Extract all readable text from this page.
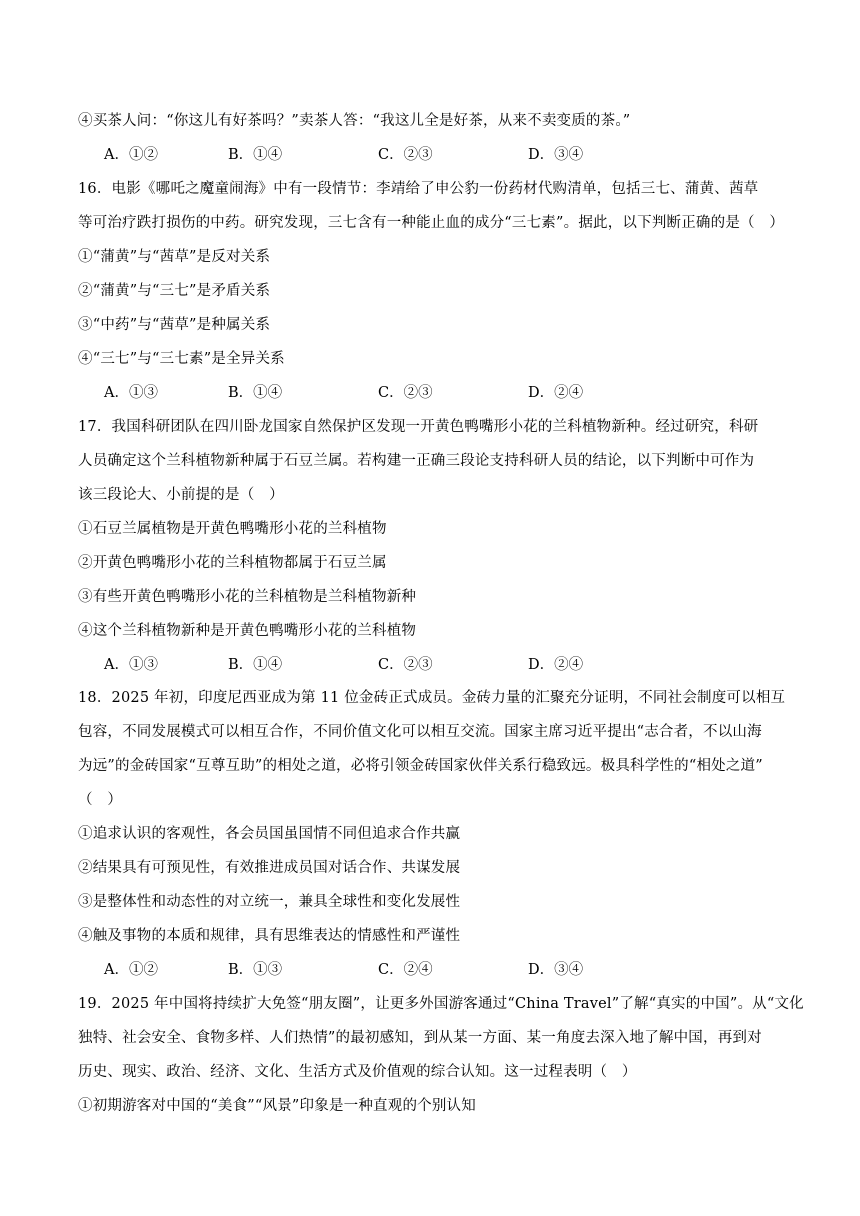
④买茶人问：“你这儿有好茶吗？”卖茶人答：“我这儿全是好茶，从来不卖变质的茶。”
A．①②	B．①④	C．②③	D．③④
16．电影《哪吒之魔童闹海》中有一段情节：李靖给了申公豹一份药材代购清单，包括三七、蒲黄、茜草
等可治疗跌打损伤的中药。研究发现，三七含有一种能止血的成分“三七素”。据此，以下判断正确的是（　）
①“蒲黄”与“茜草”是反对关系
②“蒲黄”与“三七”是矛盾关系
③“中药”与“茜草”是种属关系
④“三七”与“三七素”是全异关系
A．①③	B．①④	C．②③	D．②④
17．我国科研团队在四川卧龙国家自然保护区发现一开黄色鸭嘴形小花的兰科植物新种。经过研究，科研
人员确定这个兰科植物新种属于石豆兰属。若构建一正确三段论支持科研人员的结论，以下判断中可作为
该三段论大、小前提的是（　）
①石豆兰属植物是开黄色鸭嘴形小花的兰科植物
②开黄色鸭嘴形小花的兰科植物都属于石豆兰属
③有些开黄色鸭嘴形小花的兰科植物是兰科植物新种
④这个兰科植物新种是开黄色鸭嘴形小花的兰科植物
A．①③	B．①④	C．②③	D．②④
18．2025 年初，印度尼西亚成为第 11 位金砖正式成员。金砖力量的汇聚充分证明，不同社会制度可以相互
包容，不同发展模式可以相互合作，不同价值文化可以相互交流。国家主席习近平提出“志合者，不以山海
为远”的金砖国家“互尊互助”的相处之道，必将引领金砖国家伙伴关系行稳致远。极具科学性的“相处之道”
（　）
①追求认识的客观性，各会员国虽国情不同但追求合作共赢
②结果具有可预见性，有效推进成员国对话合作、共谋发展
③是整体性和动态性的对立统一，兼具全球性和变化发展性
④触及事物的本质和规律，具有思维表达的情感性和严谨性
A．①②	B．①③	C．②④	D．③④
19．2025 年中国将持续扩大免签“朋友圈”，让更多外国游客通过“China Travel”了解“真实的中国”。从“文化
独特、社会安全、食物多样、人们热情”的最初感知，到从某一方面、某一角度去深入地了解中国，再到对
历史、现实、政治、经济、文化、生活方式及价值观的综合认知。这一过程表明（　）
①初期游客对中国的“美食”“风景”印象是一种直观的个别认知
